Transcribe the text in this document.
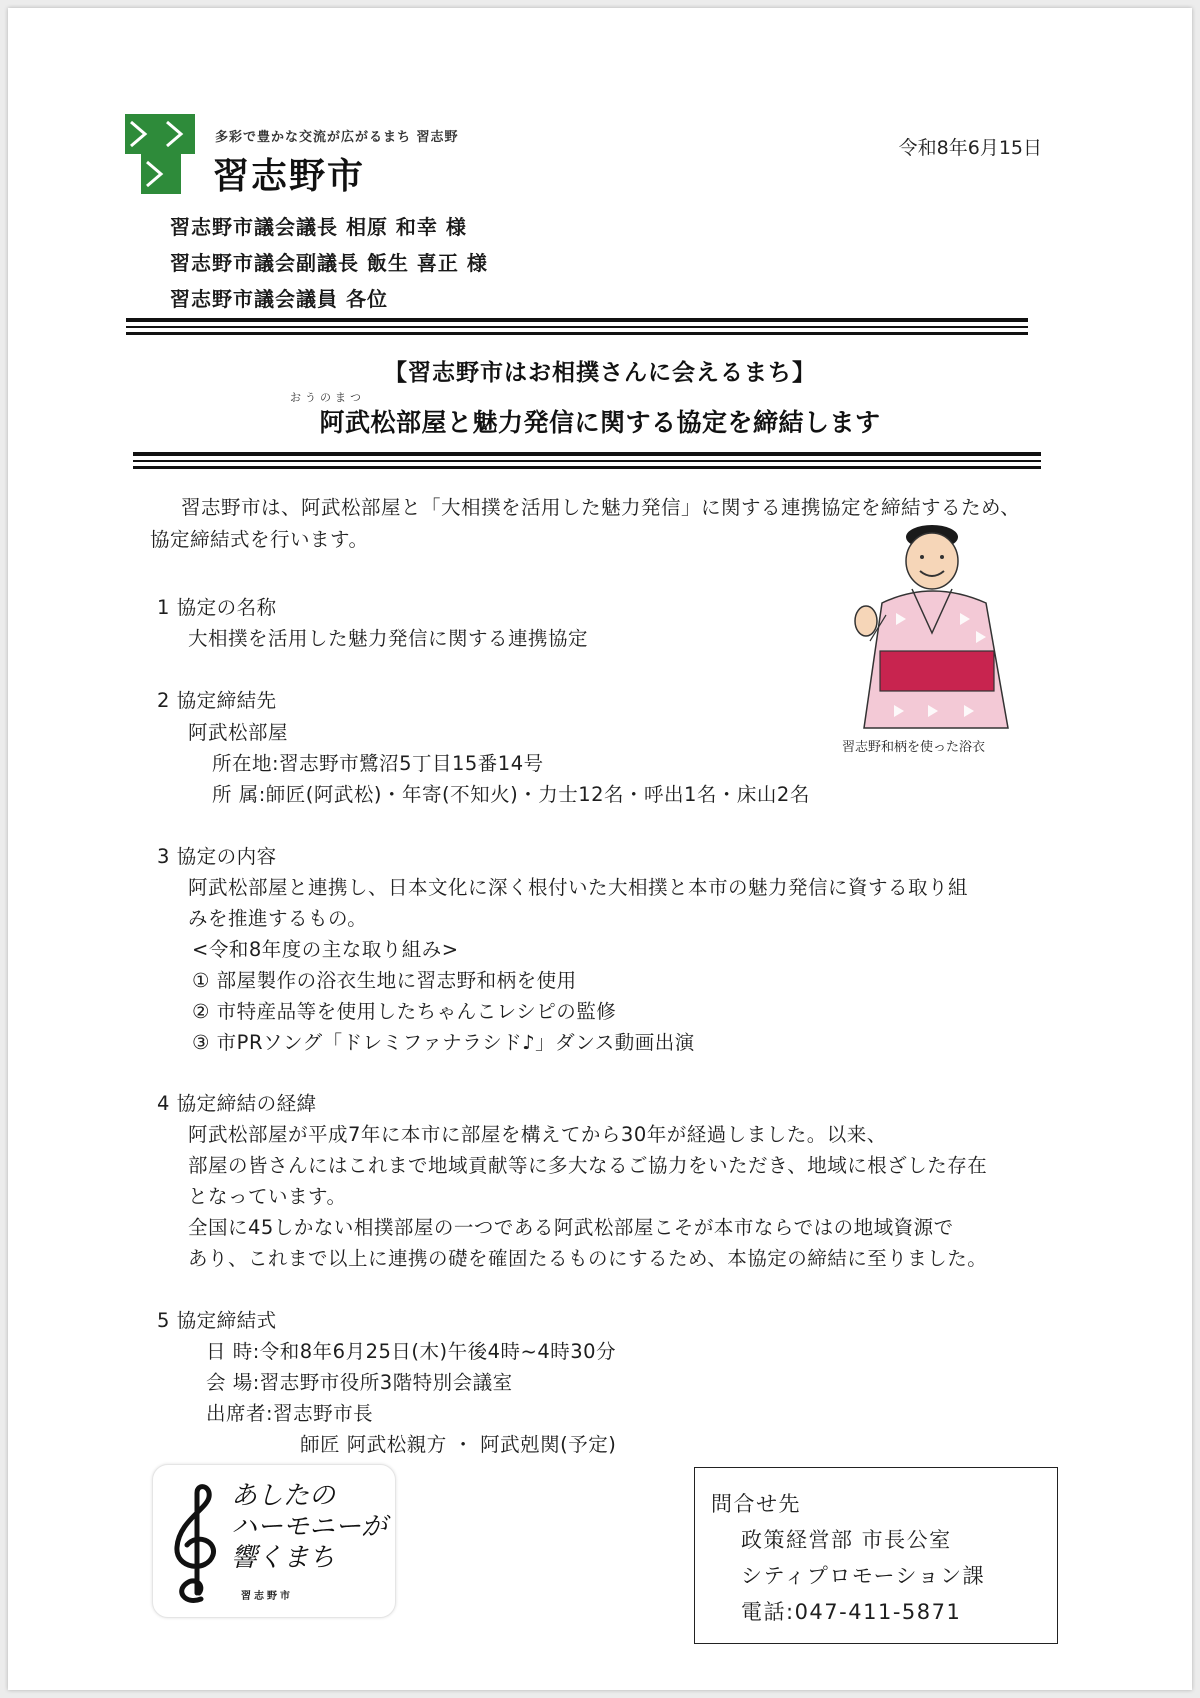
多彩で豊かな交流が広がるまち 習志野
習志野市
令和8年6月15日
習志野市議会議長 相原 和幸 様
習志野市議会副議長 飯生 喜正 様
習志野市議会議員 各位
【習志野市はお相撲さんに会えるまち】
おうのまつ
阿武松部屋と魅力発信に関する協定を締結します
習志野市は、阿武松部屋と「大相撲を活用した魅力発信」に関する連携協定を締結するため、
協定締結式を行います。
習志野和柄を使った浴衣
1 協定の名称
大相撲を活用した魅力発信に関する連携協定
2 協定締結先
阿武松部屋
所在地:習志野市鷺沼5丁目15番14号
所 属:師匠(阿武松)・年寄(不知火)・力士12名・呼出1名・床山2名
3 協定の内容
阿武松部屋と連携し、日本文化に深く根付いた大相撲と本市の魅力発信に資する取り組
みを推進するもの。
<令和8年度の主な取り組み>
① 部屋製作の浴衣生地に習志野和柄を使用
② 市特産品等を使用したちゃんこレシピの監修
③ 市PRソング「ドレミファナラシド♪」ダンス動画出演
4 協定締結の経緯
阿武松部屋が平成7年に本市に部屋を構えてから30年が経過しました。以来、
部屋の皆さんにはこれまで地域貢献等に多大なるご協力をいただき、地域に根ざした存在
となっています。
全国に45しかない相撲部屋の一つである阿武松部屋こそが本市ならではの地域資源で
あり、これまで以上に連携の礎を確固たるものにするため、本協定の締結に至りました。
5 協定締結式
日 時:令和8年6月25日(木)午後4時~4時30分
会 場:習志野市役所3階特別会議室
出席者:習志野市長
師匠 阿武松親方 ・ 阿武剋関(予定)
あしたの
ハーモニーが
響くまち
習志野市
問合せ先
政策経営部 市長公室
シティプロモーション課
電話:047-411-5871
